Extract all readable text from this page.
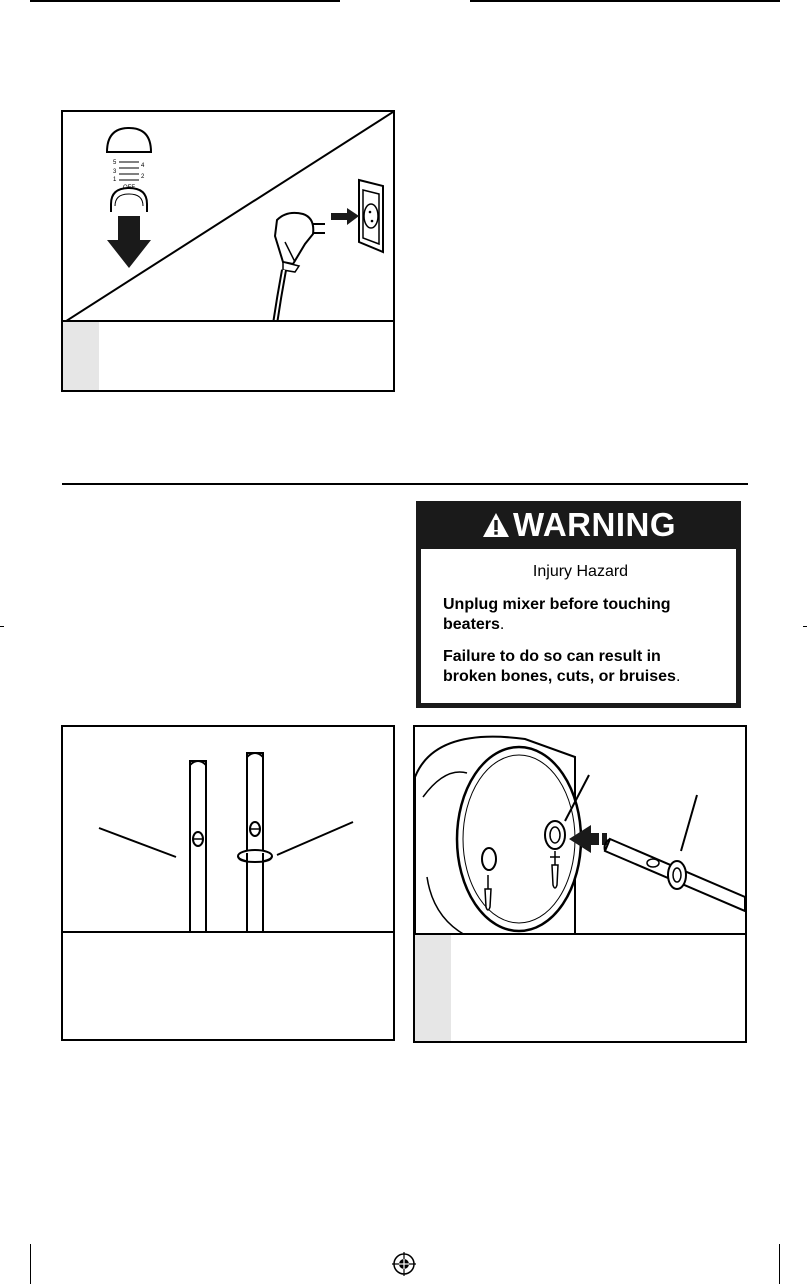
5	4
3
2
1
WARNING
Injury Hazard
Unplug mixer before touching beaters.
Failure to do so can result in broken bones, cuts, or bruises.
